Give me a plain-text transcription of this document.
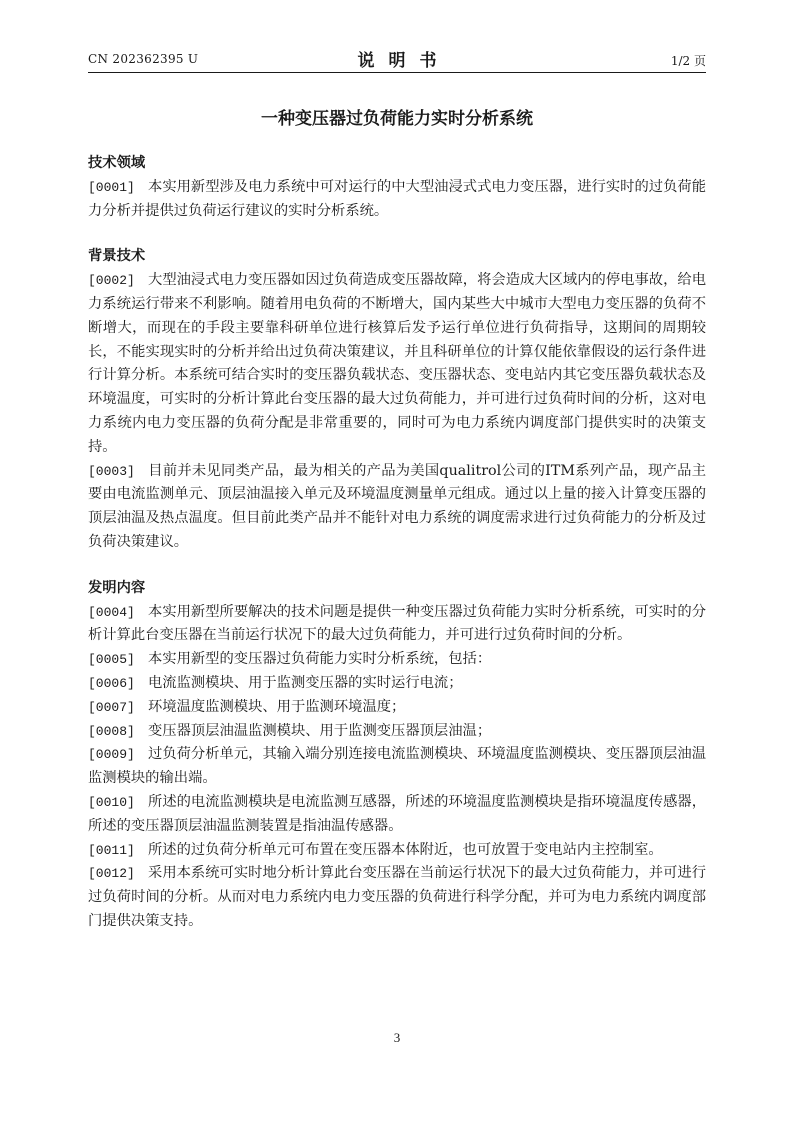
CN 202362395 U	说明书	1/2 页
一种变压器过负荷能力实时分析系统

技术领域

[0001] 本实用新型涉及电力系统中可对运行的中大型油浸式式电力变压器，进行实时的过负荷能力分析并提供过负荷运行建议的实时分析系统。

背景技术

[0002] 大型油浸式电力变压器如因过负荷造成变压器故障，将会造成大区域内的停电事故，给电力系统运行带来不利影响。随着用电负荷的不断增大，国内某些大中城市大型电力变压器的负荷不断增大，而现在的手段主要靠科研单位进行核算后发予运行单位进行负荷指导，这期间的周期较长，不能实现实时的分析并给出过负荷决策建议，并且科研单位的计算仅能依靠假设的运行条件进行计算分析。本系统可结合实时的变压器负载状态、变压器状态、变电站内其它变压器负载状态及环境温度，可实时的分析计算此台变压器的最大过负荷能力，并可进行过负荷时间的分析，这对电力系统内电力变压器的负荷分配是非常重要的，同时可为电力系统内调度部门提供实时的决策支持。

[0003] 目前并未见同类产品，最为相关的产品为美国qualitrol公司的ITM系列产品，现产品主要由电流监测单元、顶层油温接入单元及环境温度测量单元组成。通过以上量的接入计算变压器的顶层油温及热点温度。但目前此类产品并不能针对电力系统的调度需求进行过负荷能力的分析及过负荷决策建议。

发明内容

[0004] 本实用新型所要解决的技术问题是提供一种变压器过负荷能力实时分析系统，可实时的分析计算此台变压器在当前运行状况下的最大过负荷能力，并可进行过负荷时间的分析。

[0005] 本实用新型的变压器过负荷能力实时分析系统，包括：

[0006] 电流监测模块、用于监测变压器的实时运行电流；

[0007] 环境温度监测模块、用于监测环境温度；

[0008] 变压器顶层油温监测模块、用于监测变压器顶层油温；

[0009] 过负荷分析单元，其输入端分别连接电流监测模块、环境温度监测模块、变压器顶层油温监测模块的输出端。

[0010] 所述的电流监测模块是电流监测互感器，所述的环境温度监测模块是指环境温度传感器，所述的变压器顶层油温监测装置是指油温传感器。

[0011] 所述的过负荷分析单元可布置在变压器本体附近，也可放置于变电站内主控制室。

[0012] 采用本系统可实时地分析计算此台变压器在当前运行状况下的最大过负荷能力，并可进行过负荷时间的分析。从而对电力系统内电力变压器的负荷进行科学分配，并可为电力系统内调度部门提供决策支持。

3
